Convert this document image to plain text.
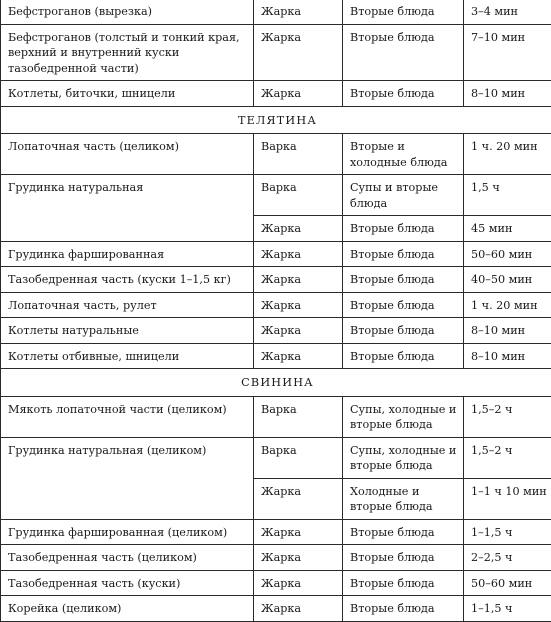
Бефстроганов (вырезка)	Жарка	Вторые блюда	3–4 мин
Бефстроганов (толстый и тонкий края, верхний и внутренний куски тазобедренной части)	Жарка	Вторые блюда	7–10 мин
Котлеты, биточки, шницели	Жарка	Вторые блюда	8–10 мин
ТЕЛЯТИНА			
Лопаточная часть (целиком)	Варка	Вторые и холодные блюда	1 ч. 20 мин
Грудинка натуральная	Варка	Супы и вторые блюда	1,5 ч
	Жарка	Вторые блюда	45 мин
Грудинка фаршированная	Жарка	Вторые блюда	50–60 мин
Тазобедренная часть (куски 1–1,5 кг)	Жарка	Вторые блюда	40–50 мин
Лопаточная часть, рулет	Жарка	Вторые блюда	1 ч. 20 мин
Котлеты натуральные	Жарка	Вторые блюда	8–10 мин
Котлеты отбивные, шницели	Жарка	Вторые блюда	8–10 мин
СВИНИНА			
Мякоть лопаточной части (целиком)	Варка	Супы, холодные и вторые блюда	1,5–2 ч
Грудинка натуральная (целиком)	Варка	Супы, холодные и вторые блюда	1,5–2 ч
	Жарка	Холодные и вторые блюда	1–1 ч 10 мин
Грудинка фаршированная (целиком)	Жарка	Вторые блюда	1–1,5 ч
Тазобедренная часть (целиком)	Жарка	Вторые блюда	2–2,5 ч
Тазобедренная часть (куски)	Жарка	Вторые блюда	50–60 мин
Корейка (целиком)	Жарка	Вторые блюда	1–1,5 ч
